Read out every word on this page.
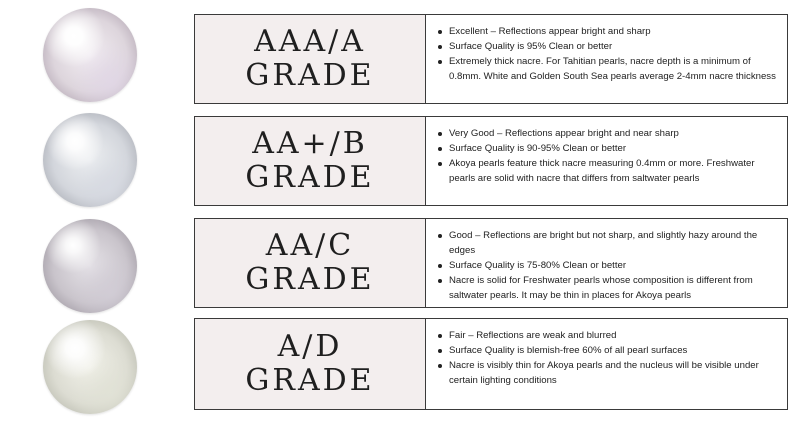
AAA/A
GRADE
Excellent – Reflections appear bright and sharp
Surface Quality is 95% Clean or better
Extremely thick nacre. For Tahitian pearls, nacre depth is a minimum of 0.8mm. White and Golden South Sea pearls average 2-4mm nacre thickness
AA+/B
GRADE
Very Good – Reflections appear bright and near sharp
Surface Quality is 90-95% Clean or better
Akoya pearls feature thick nacre measuring 0.4mm or more. Freshwater pearls are solid with nacre that differs from saltwater pearls
AA/C
GRADE
Good – Reflections are bright but not sharp, and slightly hazy around the edges
Surface Quality is 75-80% Clean or better
Nacre is solid for Freshwater pearls whose composition is different from saltwater pearls. It may be thin in places for Akoya pearls
A/D
GRADE
Fair – Reflections are weak and blurred
Surface Quality is blemish-free 60% of all pearl surfaces
Nacre is visibly thin for Akoya pearls and the nucleus will be visible under certain lighting conditions
